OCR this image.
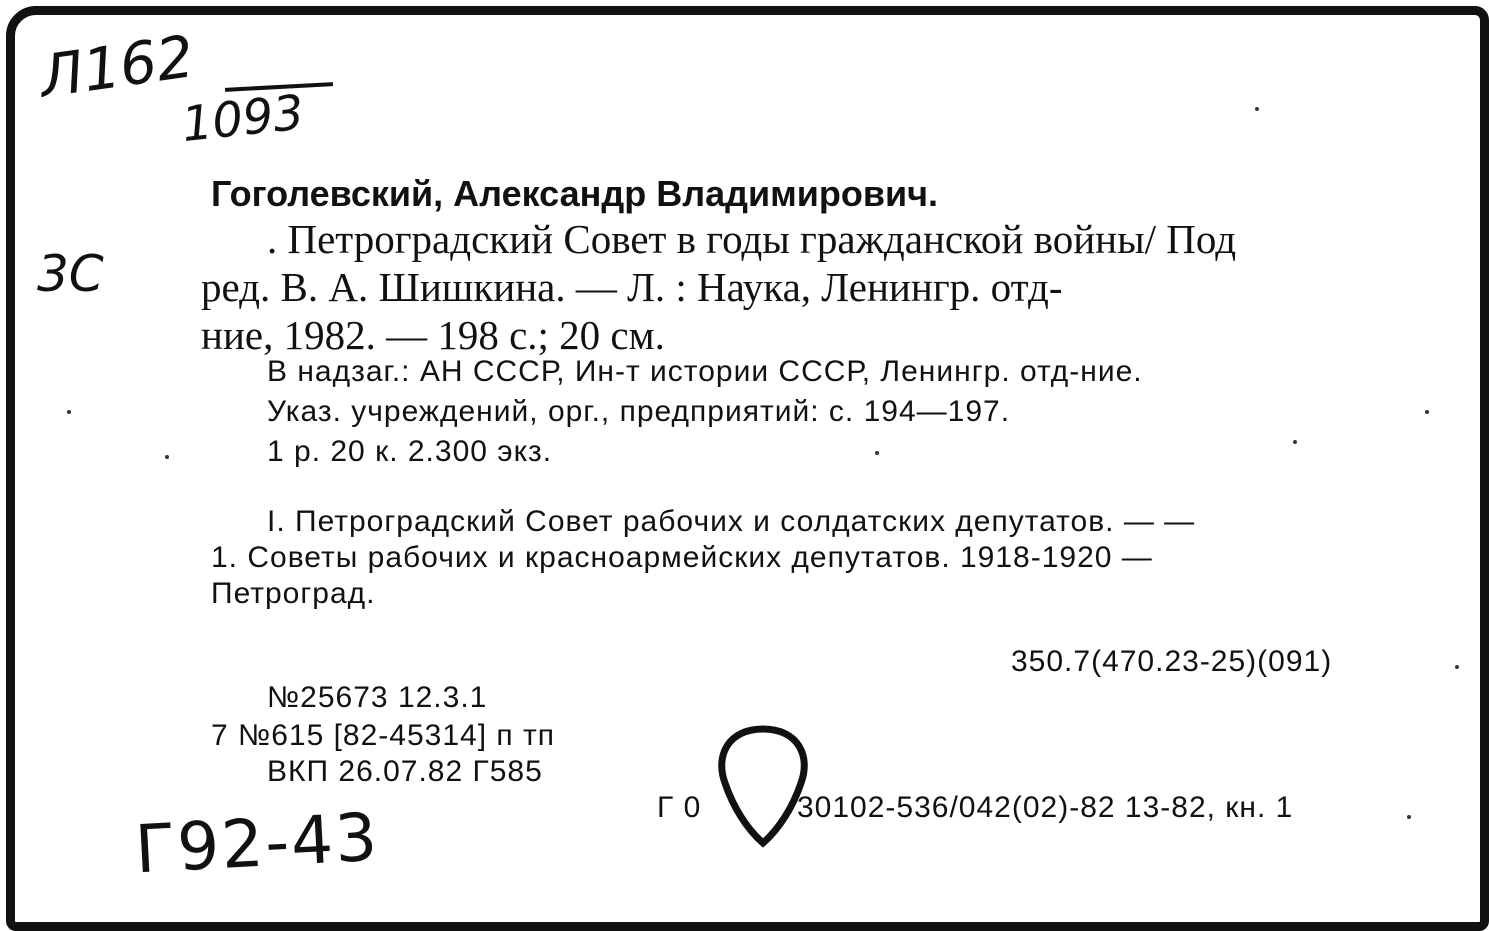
Л162
1093
3С
Гоголевский, Александр Владимирович.
. Петроградский Совет в годы гражданской войны/ Под
ред. В. А. Шишкина. — Л. : Наука, Ленингр. отд-
ние, 1982. — 198 с.; 20 см.
В надзаг.: АН СССР, Ин-т истории СССР, Ленингр. отд-ние.
Указ. учреждений, орг., предприятий: с. 194—197.
1 р. 20 к. 2.300 экз.
I. Петроградский Совет рабочих и солдатских депутатов. — —
1. Советы рабочих и красноармейских депутатов. 1918-1920 —
Петроград.
350.7(470.23-25)(091)
№25673 12.3.1
7 №615 [82-45314] п тп
ВКП 26.07.82 Г585
Г 0	30102-536/042(02)-82 13-82, кн. 1
Г92-43
